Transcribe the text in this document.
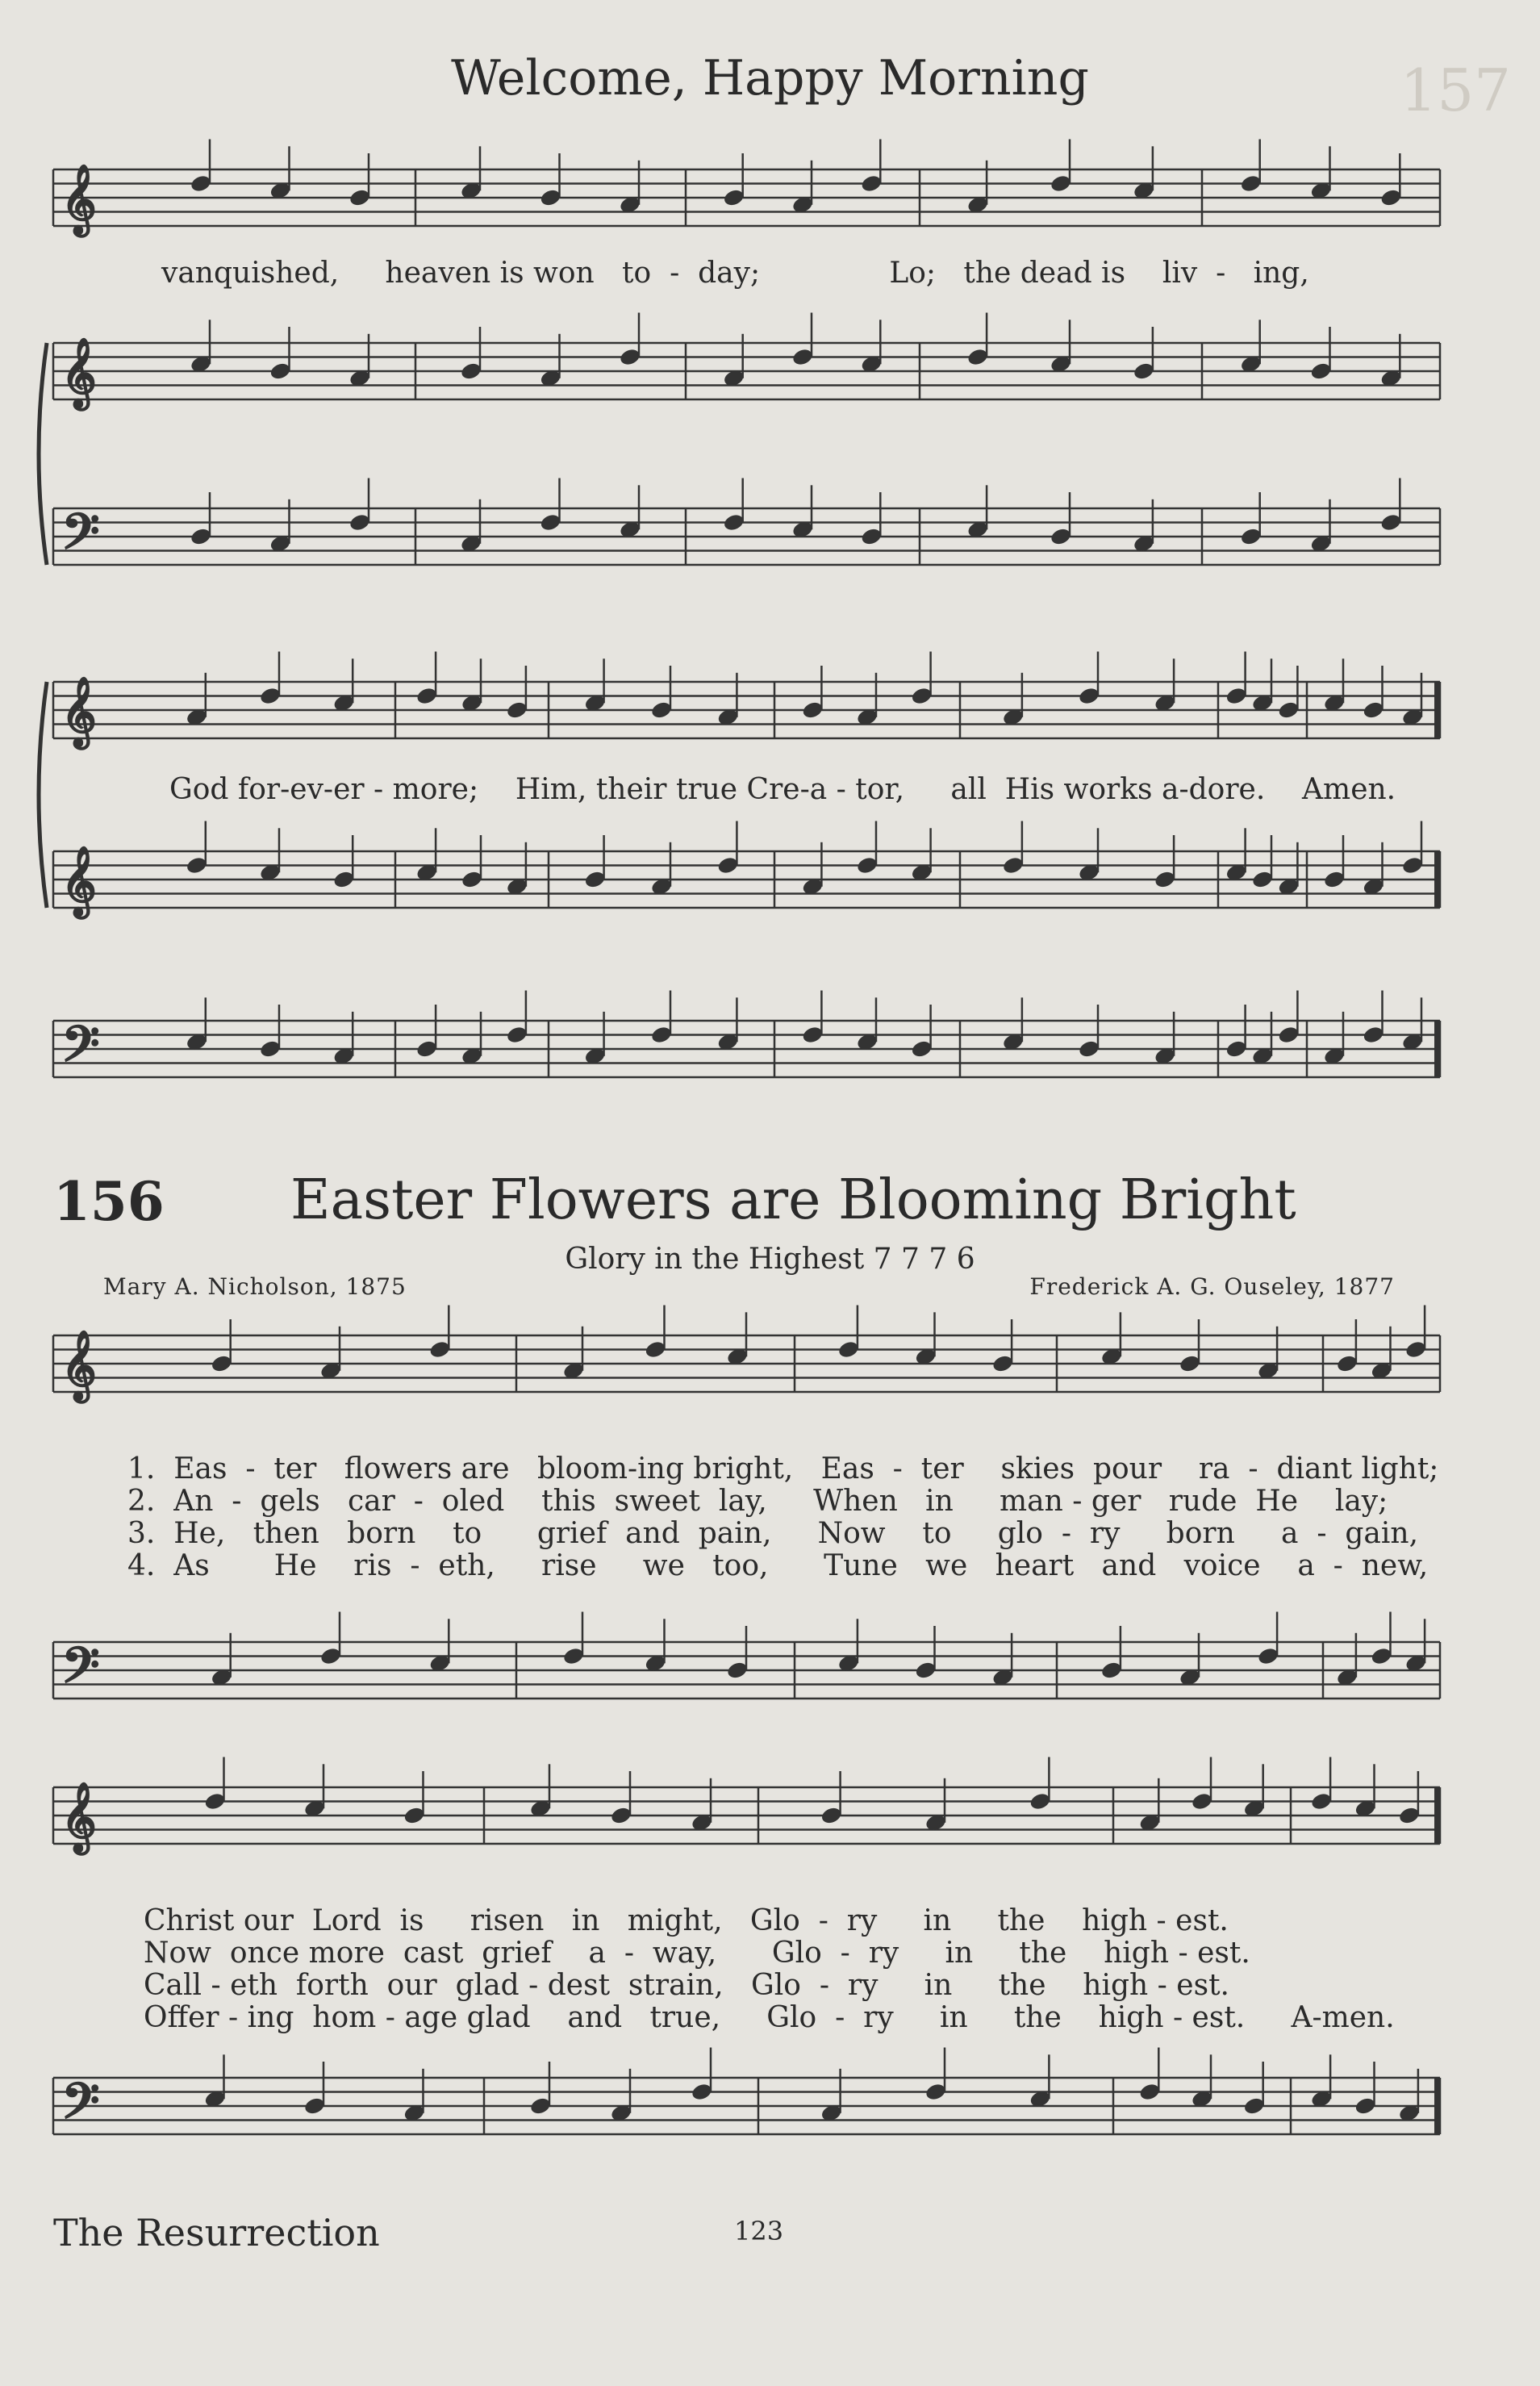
157
Welcome, Happy Morning
𝄞
𝄞
𝄢
𝄞
𝄞
𝄢
𝄞
𝄢
𝄞
𝄢
vanquished,     heaven is won   to  -  day;              Lo;   the dead is    liv  -   ing,
God for-ev-er - more;    Him, their true Cre-a - tor,     all  His works a-dore.    Amen.
156 Easter Flowers are Blooming Bright
Glory in the Highest 7 7 7 6
Mary A. Nicholson, 1875	Frederick A. G. Ouseley, 1877
1.  Eas  -  ter   flowers are   bloom-ing bright,   Eas  -  ter    skies  pour    ra  -  diant light;
2.  An  -  gels   car  -  oled    this  sweet  lay,     When   in     man - ger   rude  He    lay;
3.  He,   then   born    to      grief  and  pain,     Now    to     glo  -  ry     born     a  -  gain,
4.  As       He    ris  -  eth,     rise     we   too,      Tune   we   heart   and   voice    a  -  new,
Christ our  Lord  is     risen   in   might,   Glo  -  ry     in     the    high - est.
Now  once more  cast  grief    a  -  way,      Glo  -  ry     in     the    high - est.
Call - eth  forth  our  glad - dest  strain,   Glo  -  ry     in     the    high - est.
Offer - ing  hom - age glad    and   true,     Glo  -  ry     in     the    high - est.     A-men.
The Resurrection	123
